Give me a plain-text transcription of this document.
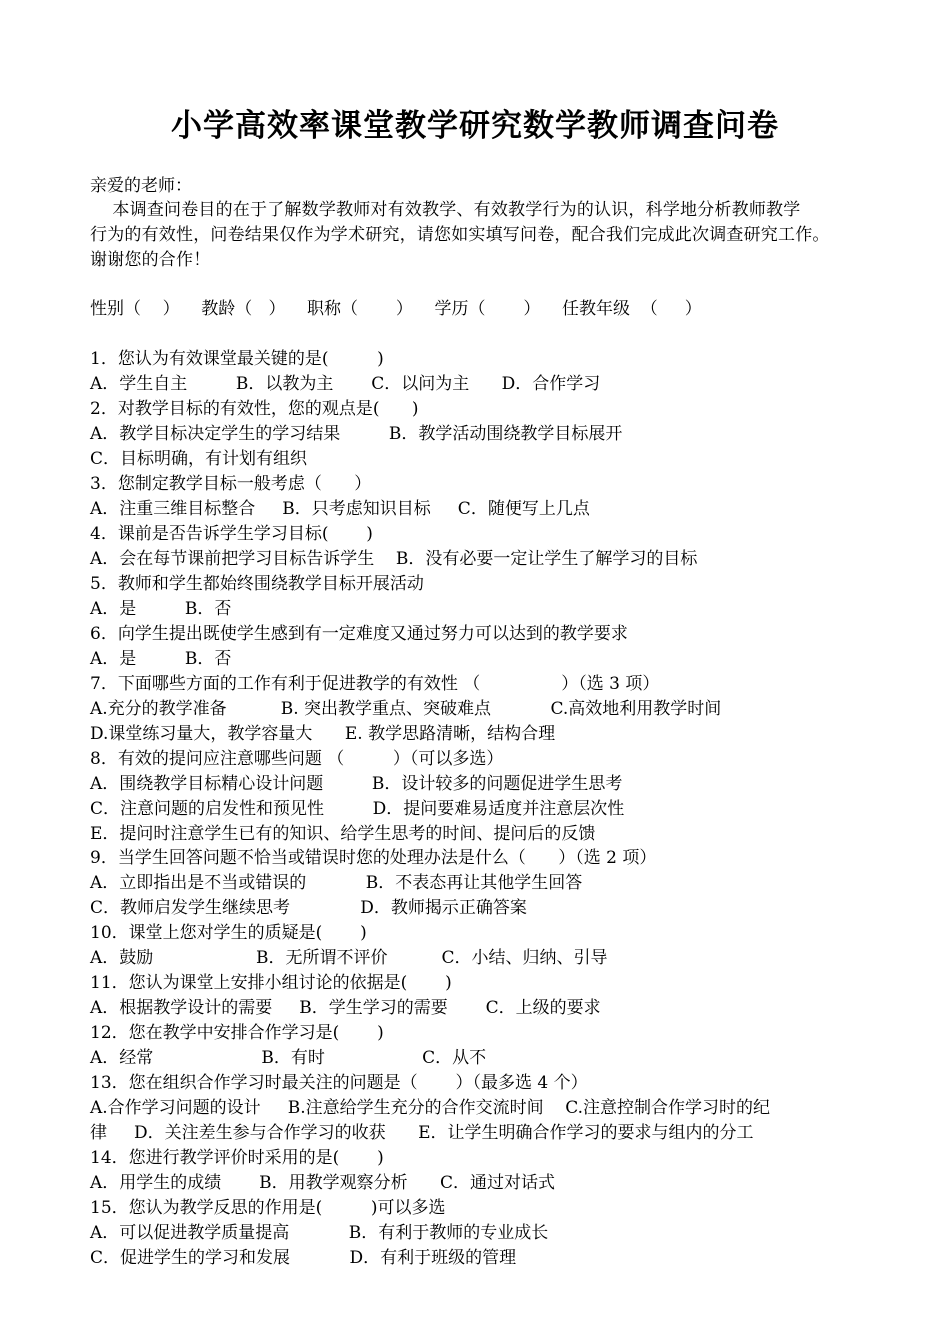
小学高效率课堂教学研究数学教师调查问卷
亲爱的老师：
本调查问卷目的在于了解数学教师对有效教学、有效教学行为的认识，科学地分析教师教学
行为的有效性，问卷结果仅作为学术研究，请您如实填写问卷，配合我们完成此次调查研究工作。
谢谢您的合作！
性别（    ）    教龄（   ）    职称（       ）    学历（       ）    任教年级  （     ）
1．您认为有效课堂最关键的是(         )
A．学生自主         B．以教为主       C．以问为主      D．合作学习
2．对教学目标的有效性，您的观点是(      )
A．教学目标决定学生的学习结果         B．教学活动围绕教学目标展开
C．目标明确，有计划有组织
3．您制定教学目标一般考虑（      ）
A．注重三维目标整合     B．只考虑知识目标     C．随便写上几点
4．课前是否告诉学生学习目标(       )
A．会在每节课前把学习目标告诉学生    B．没有必要一定让学生了解学习的目标
5．教师和学生都始终围绕教学目标开展活动
A．是         B．否
6．向学生提出既使学生感到有一定难度又通过努力可以达到的教学要求
A．是         B．否
7．下面哪些方面的工作有利于促进教学的有效性 （               ）（选 3 项）
A.充分的教学准备          B. 突出教学重点、突破难点           C.高效地利用教学时间
D.课堂练习量大，教学容量大      E. 教学思路清晰，结构合理
8．有效的提问应注意哪些问题 （         ）（可以多选）
A．围绕教学目标精心设计问题         B．设计较多的问题促进学生思考
C．注意问题的启发性和预见性         D．提问要难易适度并注意层次性
E．提问时注意学生已有的知识、给学生思考的时间、提问后的反馈
9．当学生回答问题不恰当或错误时您的处理办法是什么（      ）（选 2 项）
A．立即指出是不当或错误的           B．不表态再让其他学生回答
C．教师启发学生继续思考             D．教师揭示正确答案
10．课堂上您对学生的质疑是(       )
A．鼓励                   B．无所谓不评价          C．小结、归纳、引导
11．您认为课堂上安排小组讨论的依据是(       )
A．根据教学设计的需要     B．学生学习的需要       C．上级的要求
12．您在教学中安排合作学习是(       )
A．经常                    B．有时                  C．从不
13．您在组织合作学习时最关注的问题是（       ）（最多选 4 个）
A.合作学习问题的设计     B.注意给学生充分的合作交流时间    C.注意控制合作学习时的纪
律     D．关注差生参与合作学习的收获      E．让学生明确合作学习的要求与组内的分工
14．您进行教学评价时采用的是(       )
A．用学生的成绩       B．用教学观察分析      C．通过对话式
15．您认为教学反思的作用是(         )可以多选
A．可以促进教学质量提高           B．有利于教师的专业成长
C．促进学生的学习和发展           D．有利于班级的管理
